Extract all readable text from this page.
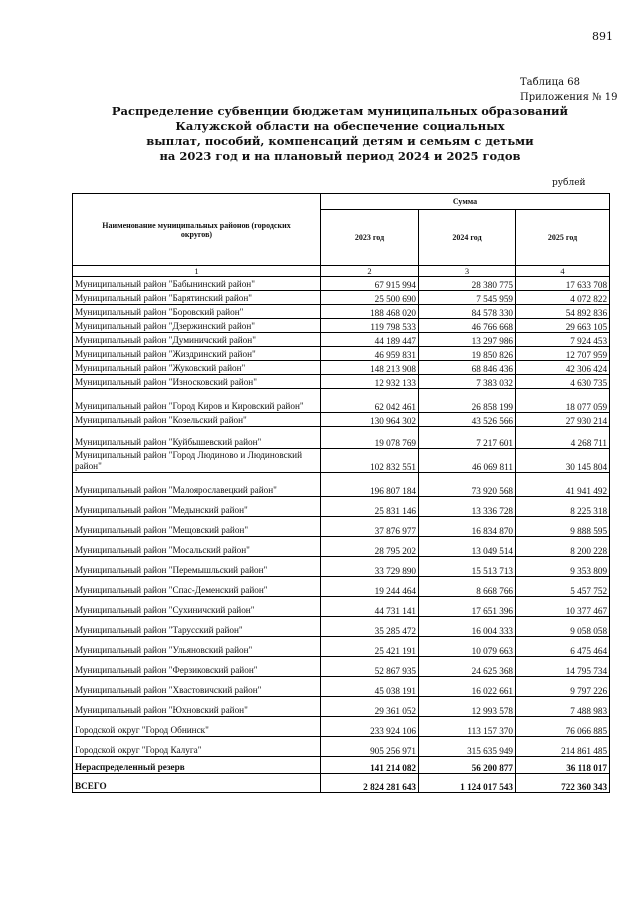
891
Таблица 68
Приложения № 19
Распределение субвенции бюджетам муниципальных образований
Калужской области на обеспечение социальных
выплат, пособий, компенсаций детям и семьям с детьми
на 2023 год и на плановый период 2024 и 2025 годов
рублей
Наименование муниципальных районов (городских округов)	Сумма		
	2023 год	2024 год	2025 год
1	2	3	4
Муниципальный район "Бабынинский район"	67 915 994	28 380 775	17 633 708
Муниципальный район "Барятинский район"	25 500 690	7 545 959	4 072 822
Муниципальный район "Боровский район"	188 468 020	84 578 330	54 892 836
Муниципальный район "Дзержинский район"	119 798 533	46 766 668	29 663 105
Муниципальный район "Думиничский район"	44 189 447	13 297 986	7 924 453
Муниципальный район "Жиздринский район"	46 959 831	19 850 826	12 707 959
Муниципальный район "Жуковский район"	148 213 908	68 846 436	42 306 424
Муниципальный район "Износковский район"	12 932 133	7 383 032	4 630 735
Муниципальный район "Город Киров и Кировский район"	62 042 461	26 858 199	18 077 059
Муниципальный район "Козельский район"	130 964 302	43 526 566	27 930 214
Муниципальный район "Куйбышевский район"	19 078 769	7 217 601	4 268 711
Муниципальный район "Город Людиново и Людиновский район"	102 832 551	46 069 811	30 145 804
Муниципальный район "Малоярославецкий район"	196 807 184	73 920 568	41 941 492
Муниципальный район "Медынский район"	25 831 146	13 336 728	8 225 318
Муниципальный район "Мещовский район"	37 876 977	16 834 870	9 888 595
Муниципальный район "Мосальский район"	28 795 202	13 049 514	8 200 228
Муниципальный район "Перемышльский район"	33 729 890	15 513 713	9 353 809
Муниципальный район "Спас-Деменский район"	19 244 464	8 668 766	5 457 752
Муниципальный район "Сухиничский район"	44 731 141	17 651 396	10 377 467
Муниципальный район "Тарусский район"	35 285 472	16 004 333	9 058 058
Муниципальный район "Ульяновский район"	25 421 191	10 079 663	6 475 464
Муниципальный район "Ферзиковский район"	52 867 935	24 625 368	14 795 734
Муниципальный район "Хвастовичский район"	45 038 191	16 022 661	9 797 226
Муниципальный район "Юхновский район"	29 361 052	12 993 578	7 488 983
Городской округ "Город Обнинск"	233 924 106	113 157 370	76 066 885
Городской округ "Город Калуга"	905 256 971	315 635 949	214 861 485
Нераспределенный резерв	141 214 082	56 200 877	36 118 017
ВСЕГО	2 824 281 643	1 124 017 543	722 360 343
